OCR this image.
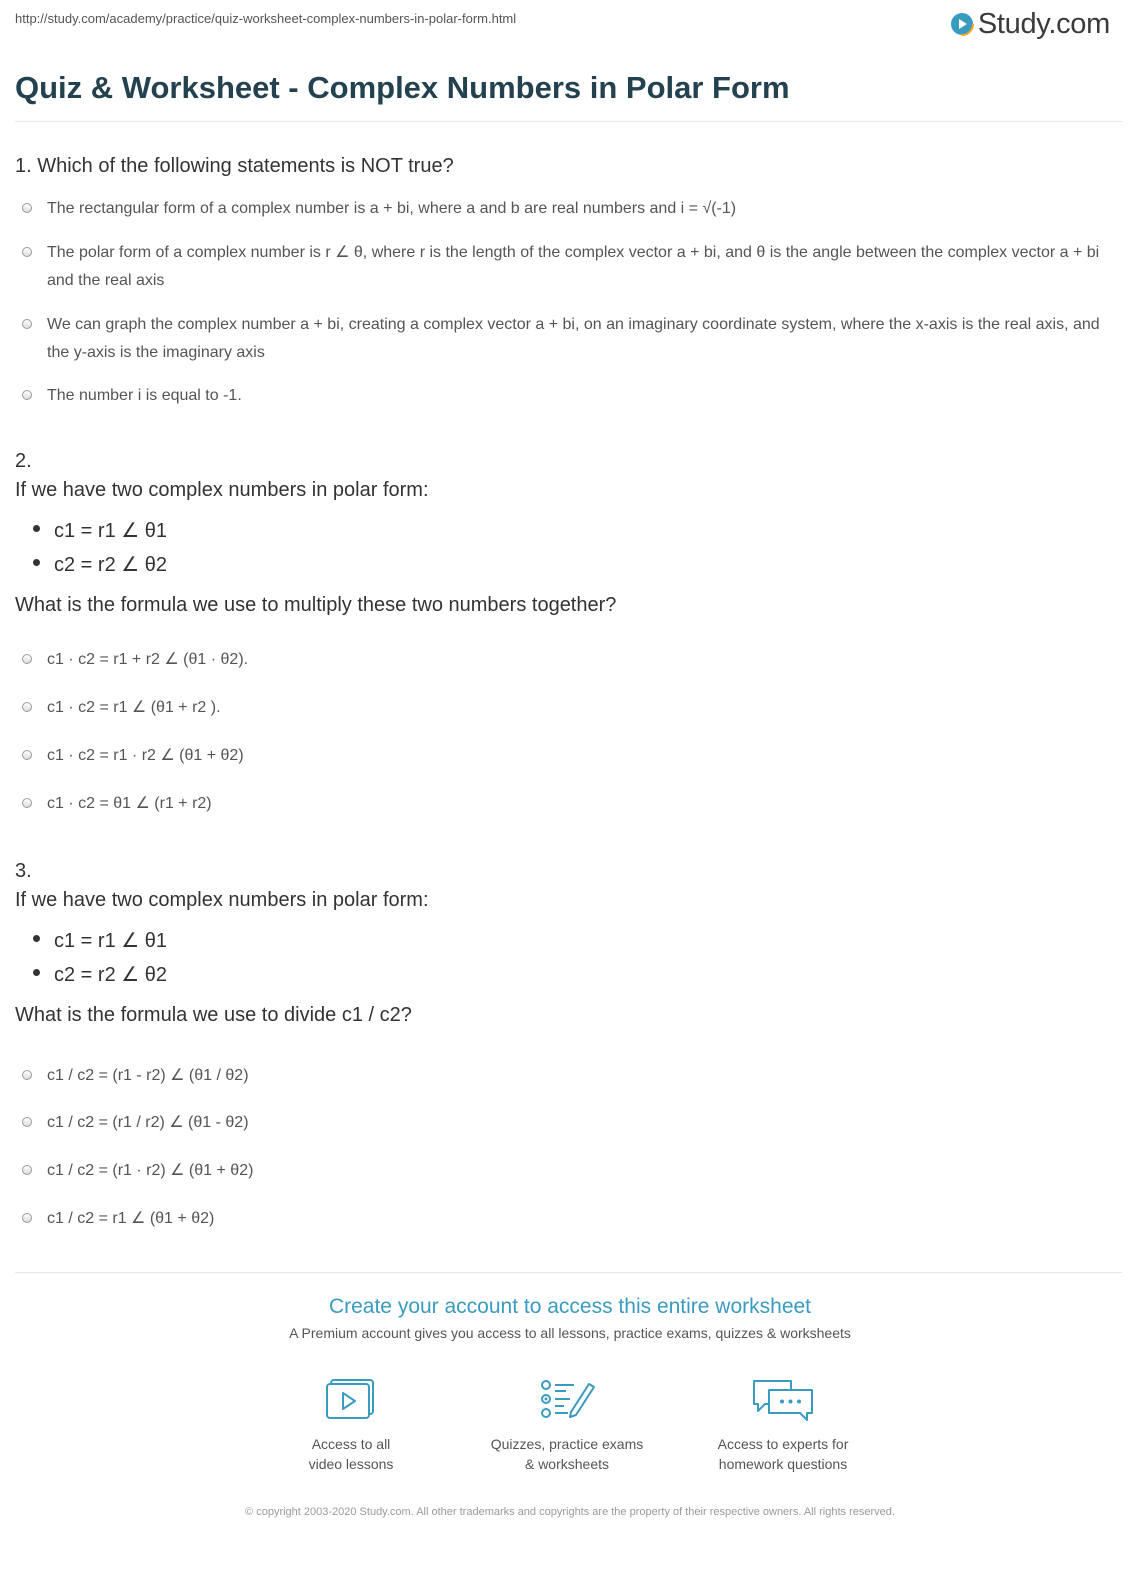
http://study.com/academy/practice/quiz-worksheet-complex-numbers-in-polar-form.html	Study.com
Quiz & Worksheet - Complex Numbers in Polar Form
1. Which of the following statements is NOT true?
The rectangular form of a complex number is a + bi, where a and b are real numbers and i = √(-1)
The polar form of a complex number is r ∠ θ, where r is the length of the complex vector a + bi, and θ is the angle between the complex vector a + bi and the real axis
We can graph the complex number a + bi, creating a complex vector a + bi, on an imaginary coordinate system, where the x-axis is the real axis, and the y-axis is the imaginary axis
The number i is equal to -1.
2.
If we have two complex numbers in polar form:
c1 = r1 ∠ θ1
c2 = r2 ∠ θ2
What is the formula we use to multiply these two numbers together?
c1 · c2 = r1 + r2 ∠ (θ1 · θ2).
c1 · c2 = r1 ∠ (θ1 + r2 ).
c1 · c2 = r1 · r2 ∠ (θ1 + θ2)
c1 · c2 = θ1 ∠ (r1 + r2)
3.
If we have two complex numbers in polar form:
c1 = r1 ∠ θ1
c2 = r2 ∠ θ2
What is the formula we use to divide c1 / c2?
c1 / c2 = (r1 - r2) ∠ (θ1 / θ2)
c1 / c2 = (r1 / r2) ∠ (θ1 - θ2)
c1 / c2 = (r1 · r2) ∠ (θ1 + θ2)
c1 / c2 = r1 ∠ (θ1 + θ2)
Create your account to access this entire worksheet
A Premium account gives you access to all lessons, practice exams, quizzes & worksheets
Access to all
video lessons
Quizzes, practice exams
& worksheets
Access to experts for
homework questions
© copyright 2003-2020 Study.com. All other trademarks and copyrights are the property of their respective owners. All rights reserved.
